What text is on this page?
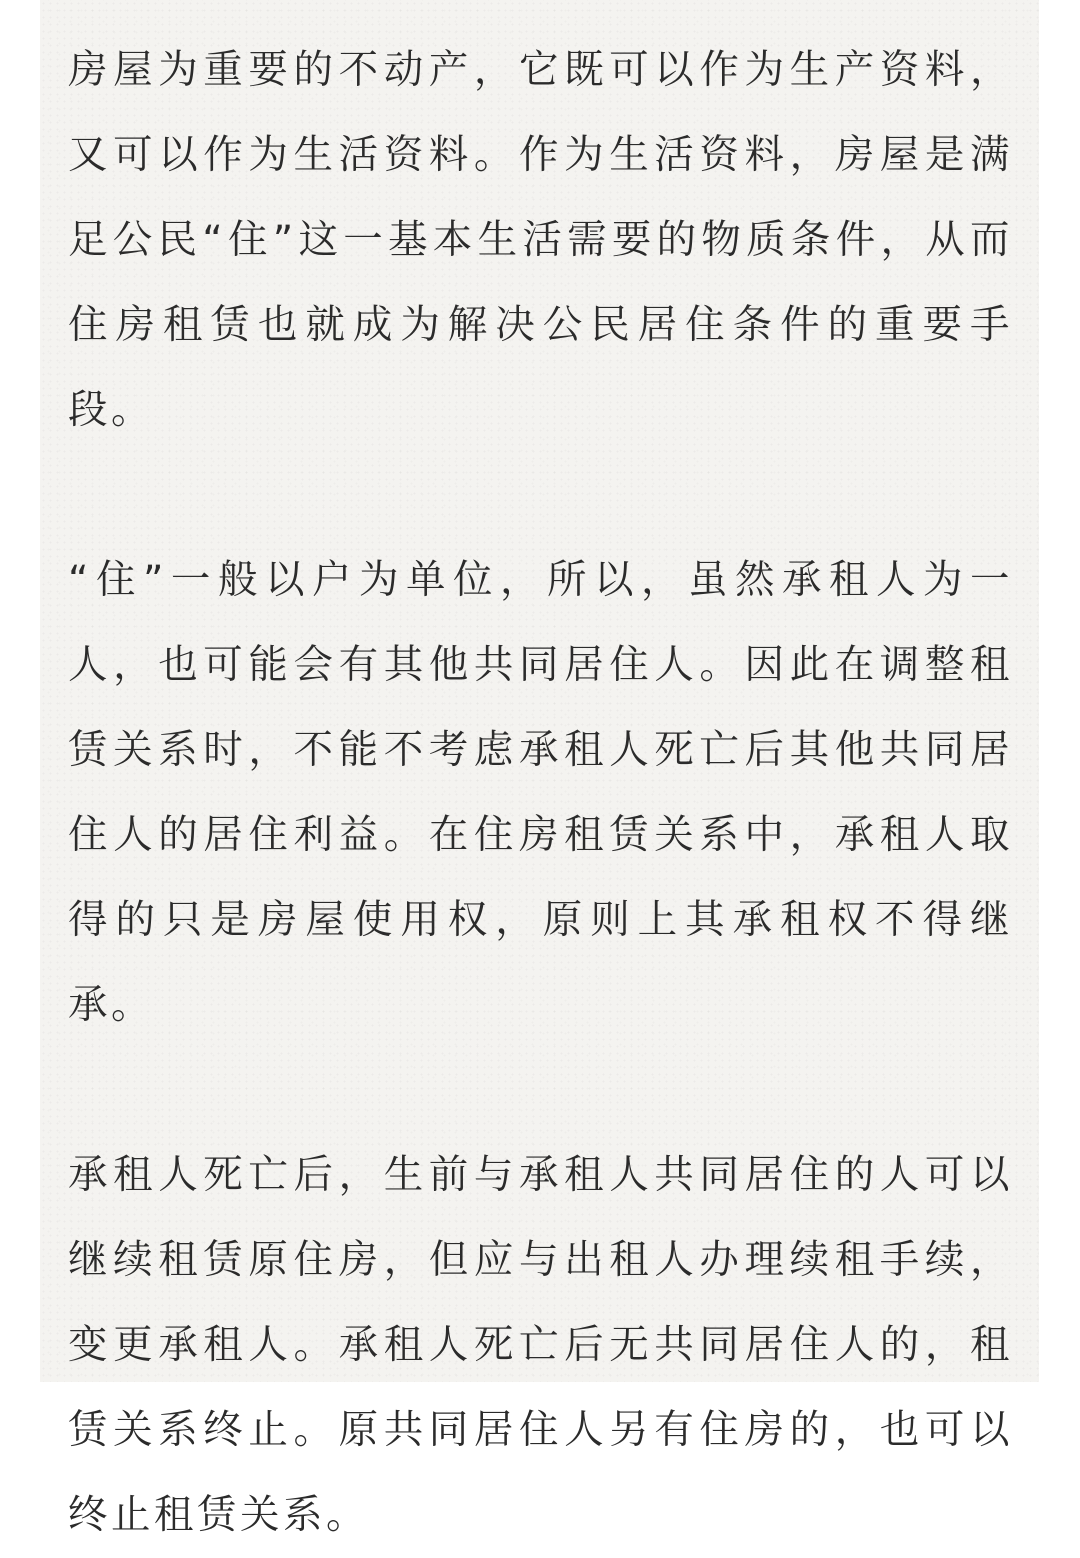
房屋为重要的不动产，它既可以作为生产资料，又可以作为生活资料。作为生活资料，房屋是满足公民“住”这一基本生活需要的物质条件，从而住房租赁也就成为解决公民居住条件的重要手段。

“住”一般以户为单位，所以，虽然承租人为一人，也可能会有其他共同居住人。因此在调整租赁关系时，不能不考虑承租人死亡后其他共同居住人的居住利益。在住房租赁关系中，承租人取得的只是房屋使用权，原则上其承租权不得继承。

承租人死亡后，生前与承租人共同居住的人可以继续租赁原住房，但应与出租人办理续租手续，变更承租人。承租人死亡后无共同居住人的，租赁关系终止。原共同居住人另有住房的，也可以终止租赁关系。
